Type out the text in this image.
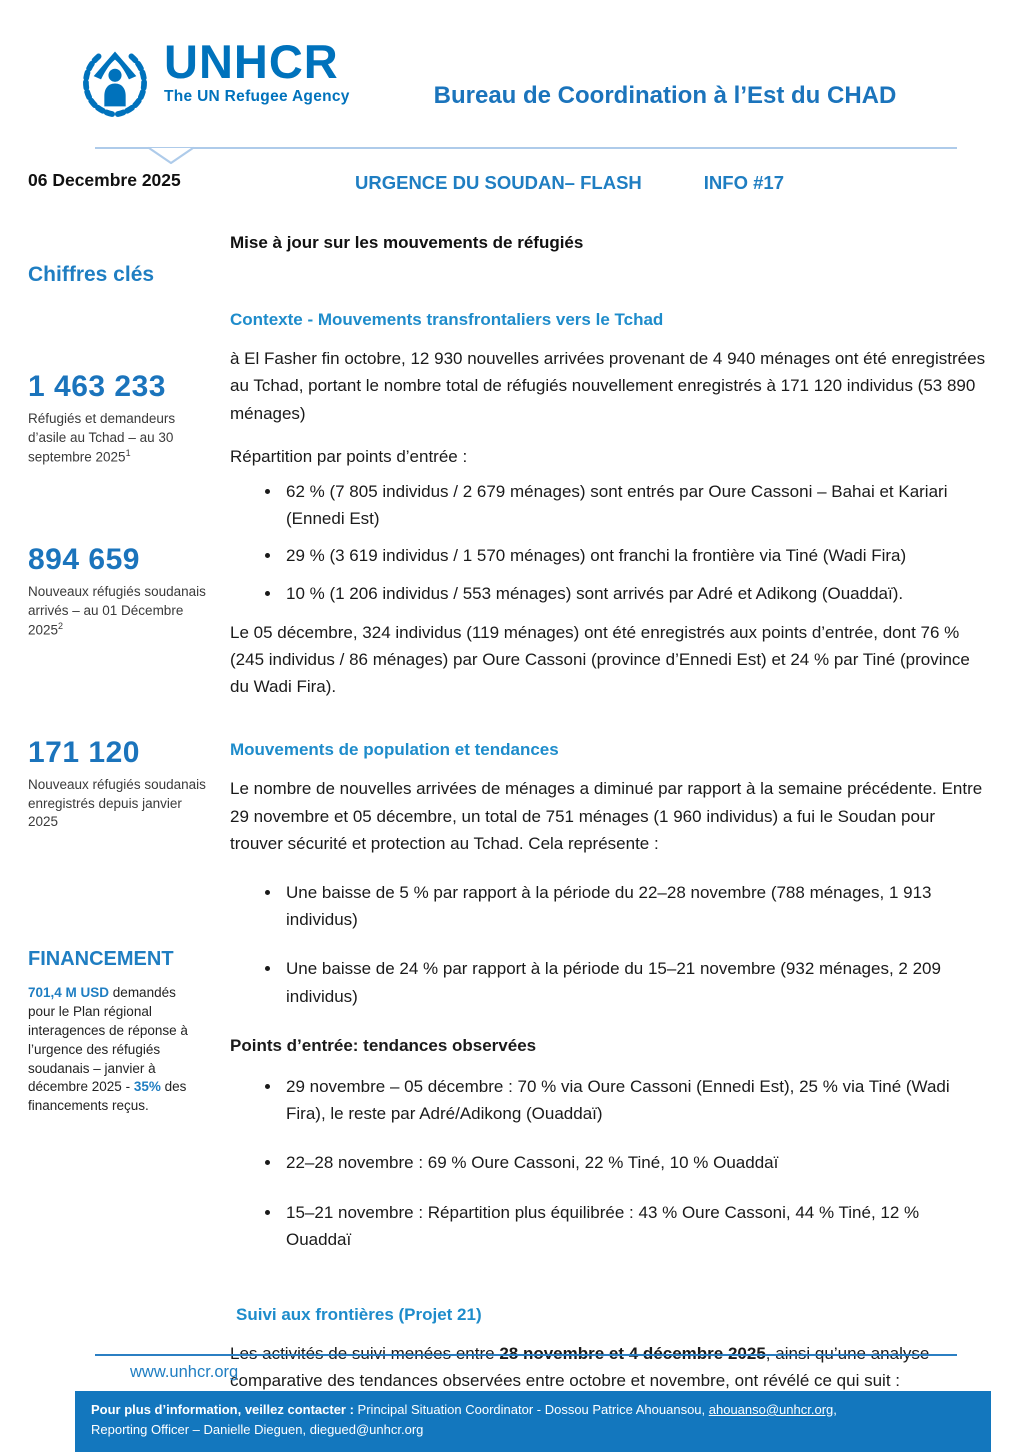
UNHCR
The UN Refugee Agency	Bureau de Coordination à l’Est du CHAD
06 Decembre 2025	URGENCE DU SOUDAN– FLASH	INFO #17
Mise à jour sur les mouvements de réfugiés
Chiffres clés
1 463 233
Réfugiés et demandeurs d’asile au Tchad – au 30 septembre 2025$^1$
894 659
Nouveaux réfugiés soudanais arrivés – au 01 Décembre 2025$^2$
171 120
Nouveaux réfugiés soudanais enregistrés depuis janvier 2025
FINANCEMENT
701,4 M USD demandés pour le Plan régional interagences de réponse à l’urgence des réfugiés soudanais – janvier à décembre 2025 - 35% des financements reçus.
Contexte - Mouvements transfrontaliers vers le Tchad

à El Fasher fin octobre, 12 930 nouvelles arrivées provenant de 4 940 ménages ont été enregistrées au Tchad, portant le nombre total de réfugiés nouvellement enregistrés à 171 120 individus (53 890 ménages)

Répartition par points d’entrée :

• 62 % (7 805 individus / 2 679 ménages) sont entrés par Oure Cassoni – Bahai et Kariari (Ennedi Est)
• 29 % (3 619 individus / 1 570 ménages) ont franchi la frontière via Tiné (Wadi Fira)
• 10 % (1 206 individus / 553 ménages) sont arrivés par Adré et Adikong (Ouaddaï).

Le 05 décembre, 324 individus (119 ménages) ont été enregistrés aux points d’entrée, dont 76 % (245 individus / 86 ménages) par Oure Cassoni (province d’Ennedi Est) et 24 % par Tiné (province du Wadi Fira).

Mouvements de population et tendances

Le nombre de nouvelles arrivées de ménages a diminué par rapport à la semaine précédente. Entre 29 novembre et 05 décembre, un total de 751 ménages (1 960 individus) a fui le Soudan pour trouver sécurité et protection au Tchad. Cela représente :

• Une baisse de 5 % par rapport à la période du 22–28 novembre (788 ménages, 1 913 individus)
• Une baisse de 24 % par rapport à la période du 15–21 novembre (932 ménages, 2 209 individus)

Points d’entrée: tendances observées

• 29 novembre – 05 décembre : 70 % via Oure Cassoni (Ennedi Est), 25 % via Tiné (Wadi Fira), le reste par Adré/Adikong (Ouaddaï)
• 22–28 novembre : 69 % Oure Cassoni, 22 % Tiné, 10 % Ouaddaï
• 15–21 novembre : Répartition plus équilibrée : 43 % Oure Cassoni, 44 % Tiné, 12 % Ouaddaï
Suivi aux frontières (Projet 21)

Les activités de suivi menées entre 28 novembre et 4 décembre 2025, ainsi qu’une analyse comparative des tendances observées entre octobre et novembre, ont révélé ce qui suit :

www.unhcr.org
Pour plus d’information, veillez contacter : Principal Situation Coordinator - Dossou Patrice Ahouansou, ahouanso@unhcr.org,
Reporting Officer – Danielle Dieguen, diegued@unhcr.org
